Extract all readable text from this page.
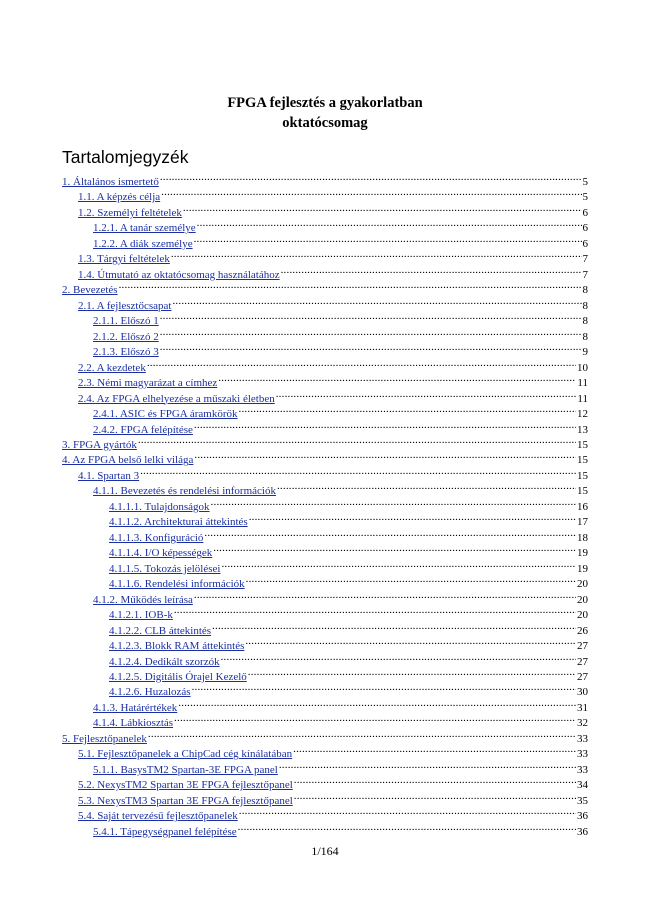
FPGA fejlesztés a gyakorlatban
oktatócsomag
Tartalomjegyzék
1. Általános ismertető .....	5
1.1. A képzés célja .....	5
1.2. Személyi feltételek .....	6
1.2.1. A tanár személye .....	6
1.2.2. A diák személye .....	6
1.3. Tárgyi feltételek .....	7
1.4. Útmutató az oktatócsomag használatához .....	7
2. Bevezetés .....	8
2.1. A fejlesztőcsapat .....	8
2.1.1. Előszó 1 .....	8
2.1.2. Előszó 2 .....	8
2.1.3. Előszó 3 .....	9
2.2. A kezdetek .....	10
2.3. Némi magyarázat a címhez .....	11
2.4. Az FPGA elhelyezése a műszaki életben .....	11
2.4.1. ASIC és FPGA áramkörök .....	12
2.4.2. FPGA felépítése .....	13
3. FPGA gyártók .....	15
4. Az FPGA belső lelki világa .....	15
4.1. Spartan 3 .....	15
4.1.1. Bevezetés és rendelési információk .....	15
4.1.1.1. Tulajdonságok .....	16
4.1.1.2. Architekturai áttekintés .....	17
4.1.1.3. Konfiguráció .....	18
4.1.1.4. I/O képességek .....	19
4.1.1.5. Tokozás jelölései .....	19
4.1.1.6. Rendelési információk .....	20
4.1.2. Működés leírása .....	20
4.1.2.1. IOB-k .....	20
4.1.2.2. CLB áttekintés .....	26
4.1.2.3. Blokk RAM áttekintés .....	27
4.1.2.4. Dedikált szorzók .....	27
4.1.2.5. Digitális Órajel Kezelő .....	27
4.1.2.6. Huzalozás .....	30
4.1.3. Határértékek .....	31
4.1.4. Lábkiosztás .....	32
5. Fejlesztőpanelek .....	33
5.1. Fejlesztőpanelek a ChipCad cég kínálatában .....	33
5.1.1. BasysTM2 Spartan-3E FPGA panel .....	33
5.2. NexysTM2 Spartan 3E FPGA fejlesztőpanel .....	34
5.3. NexysTM3 Spartan 3E FPGA fejlesztőpanel .....	35
5.4. Saját tervezésű fejlesztőpanelek .....	36
5.4.1. Tápegységpanel felépítése .....	36
1/164
